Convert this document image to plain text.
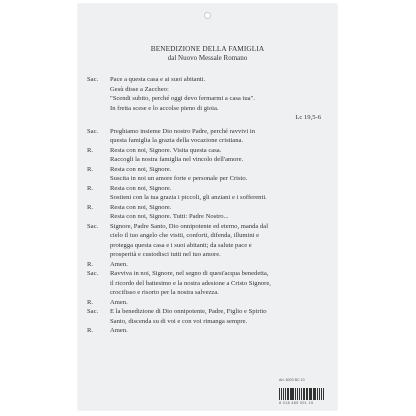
BENEDIZIONE DELLA FAMIGLIA
dal Nuovo Messale Romano
Sac.	Pace a questa casa e ai suoi abitanti.
Gesù disse a Zaccheo:
"Scendi subito, perché oggi devo fermarmi a casa tua".
In fretta scese e lo accolse pieno di gioia.
Lc 19,5-6
Sac.	Preghiamo insieme Dio nostro Padre, perché ravvivi in
questa famiglia la grazia della vocazione cristiana.
R.	Resta con noi, Signore. Visita questa casa.
Raccogli la nostra famiglia nel vincolo dell'amore.
R.	Resta con noi, Signore.
Suscita in noi un amore forte e personale per Cristo.
R.	Resta con noi, Signore.
Sostieni con la tua grazia i piccoli, gli anziani e i sofferenti.
R.	Resta con noi, Signore.
Resta con noi, Signore. Tutti: Padre Nostro...
Sac.	Signore, Padre Santo, Dio onnipotente ed eterno, manda dal
cielo il tuo angelo che visiti, conforti, difenda, illumini e
protegga questa casa e i suoi abitanti; da salute pace e
prosperità e custodisci tutti nel tuo amore.
R.	Amen.
Sac.	Ravviva in noi, Signore, nel segno di quest'acqua benedetta,
il ricordo del battesimo e la nostra adesione a Cristo Signore,
crocifisso e risorto per la nostra salvezza.
R.	Amen.
Sac.	E la benedizione di Dio onnipotente, Padre, Figlio e Spirito
Santo, discenda su di voi e con voi rimanga sempre.
R.	Amen.
Art. 6003 BC 10
8 018 489 001 15
